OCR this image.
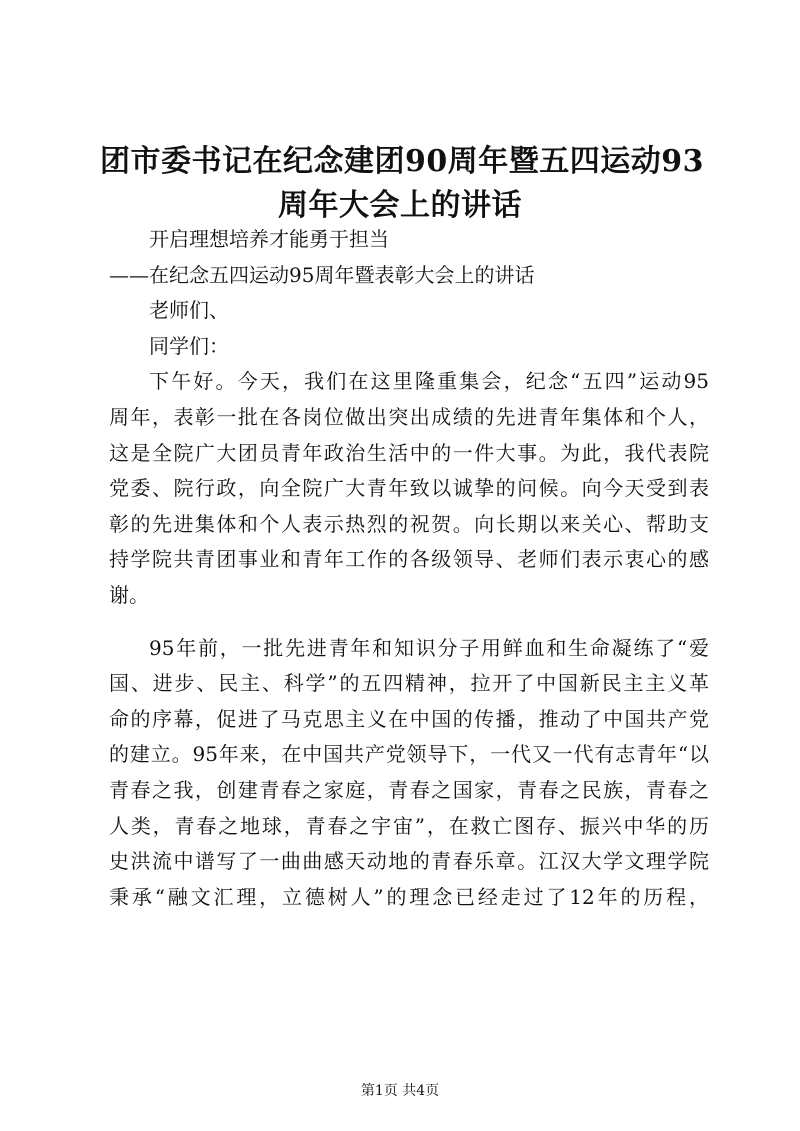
团市委书记在纪念建团90周年暨五四运动93
周年大会上的讲话
开启理想培养才能勇于担当
——在纪念五四运动95周年暨表彰大会上的讲话
老师们、
同学们：
下午好。今天，我们在这里隆重集会，纪念“五四”运动95
周年，表彰一批在各岗位做出突出成绩的先进青年集体和个人，
这是全院广大团员青年政治生活中的一件大事。为此，我代表院
党委、院行政，向全院广大青年致以诚挚的问候。向今天受到表
彰的先进集体和个人表示热烈的祝贺。向长期以来关心、帮助支
持学院共青团事业和青年工作的各级领导、老师们表示衷心的感
谢。
95年前，一批先进青年和知识分子用鲜血和生命凝练了“爱
国、进步、民主、科学”的五四精神，拉开了中国新民主主义革
命的序幕，促进了马克思主义在中国的传播，推动了中国共产党
的建立。95年来，在中国共产党领导下，一代又一代有志青年“以
青春之我，创建青春之家庭，青春之国家，青春之民族，青春之
人类，青春之地球，青春之宇宙”，在救亡图存、振兴中华的历
史洪流中谱写了一曲曲感天动地的青春乐章。江汉大学文理学院
秉承“融文汇理，立德树人”的理念已经走过了12年的历程，
第1页 共4页
